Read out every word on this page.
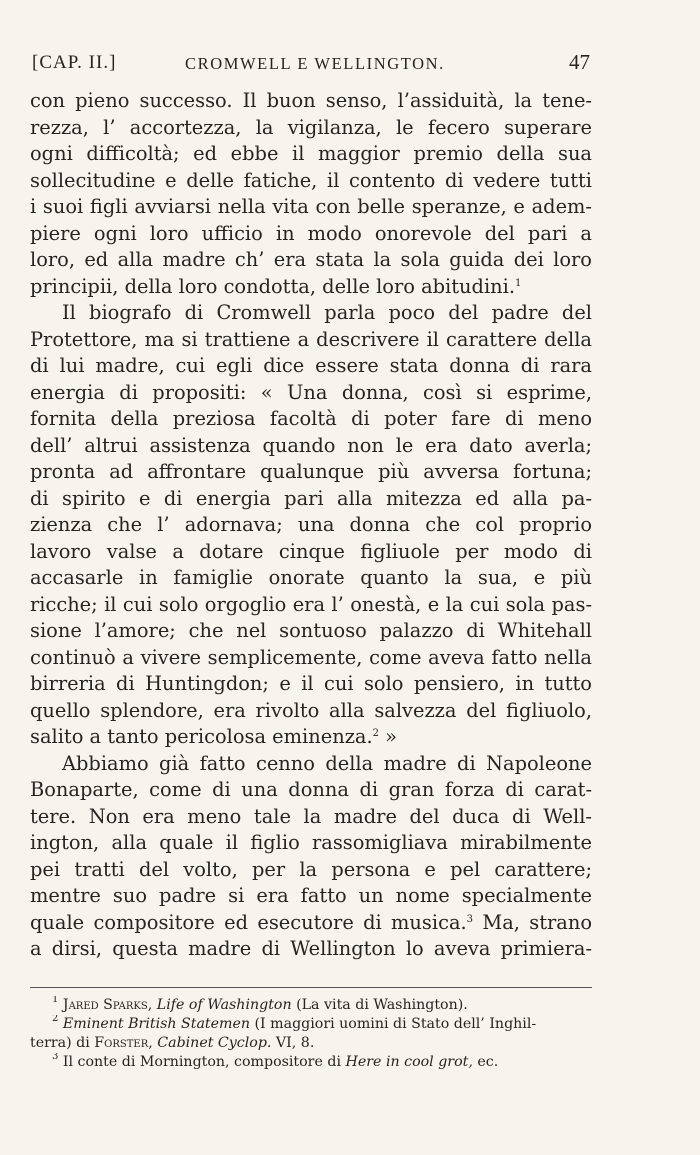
[CAP. II.]	CROMWELL E WELLINGTON.	47
con pieno successo. Il buon senso, l’assiduità, la tene-
rezza, l’ accortezza, la vigilanza, le fecero superare
ogni difficoltà; ed ebbe il maggior premio della sua
sollecitudine e delle fatiche, il contento di vedere tutti
i suoi figli avviarsi nella vita con belle speranze, e adem-
piere ogni loro ufficio in modo onorevole del pari a
loro, ed alla madre ch’ era stata la sola guida dei loro
principii, della loro condotta, delle loro abitudini.$^1$
Il biografo di Cromwell parla poco del padre del
Protettore, ma si trattiene a descrivere il carattere della
di lui madre, cui egli dice essere stata donna di rara
energia di propositi: « Una donna, così si esprime,
fornita della preziosa facoltà di poter fare di meno
dell’ altrui assistenza quando non le era dato averla;
pronta ad affrontare qualunque più avversa fortuna;
di spirito e di energia pari alla mitezza ed alla pa-
zienza che l’ adornava; una donna che col proprio
lavoro valse a dotare cinque figliuole per modo di
accasarle in famiglie onorate quanto la sua, e più
ricche; il cui solo orgoglio era l’ onestà, e la cui sola pas-
sione l’amore; che nel sontuoso palazzo di Whitehall
continuò a vivere semplicemente, come aveva fatto nella
birreria di Huntingdon; e il cui solo pensiero, in tutto
quello splendore, era rivolto alla salvezza del figliuolo,
salito a tanto pericolosa eminenza.$^2$ »
Abbiamo già fatto cenno della madre di Napoleone
Bonaparte, come di una donna di gran forza di carat-
tere. Non era meno tale la madre del duca di Well-
ington, alla quale il figlio rassomigliava mirabilmente
pei tratti del volto, per la persona e pel carattere;
mentre suo padre si era fatto un nome specialmente
quale compositore ed esecutore di musica.$^3$ Ma, strano
a dirsi, questa madre di Wellington lo aveva primiera-
$^1$ Jared Sparks, Life of Washington (La vita di Washington).
$^2$ Eminent British Statemen (I maggiori uomini di Stato dell’ Inghil-
terra) di Forster, Cabinet Cyclop. VI, 8.
$^3$ Il conte di Mornington, compositore di Here in cool grot, ec.
